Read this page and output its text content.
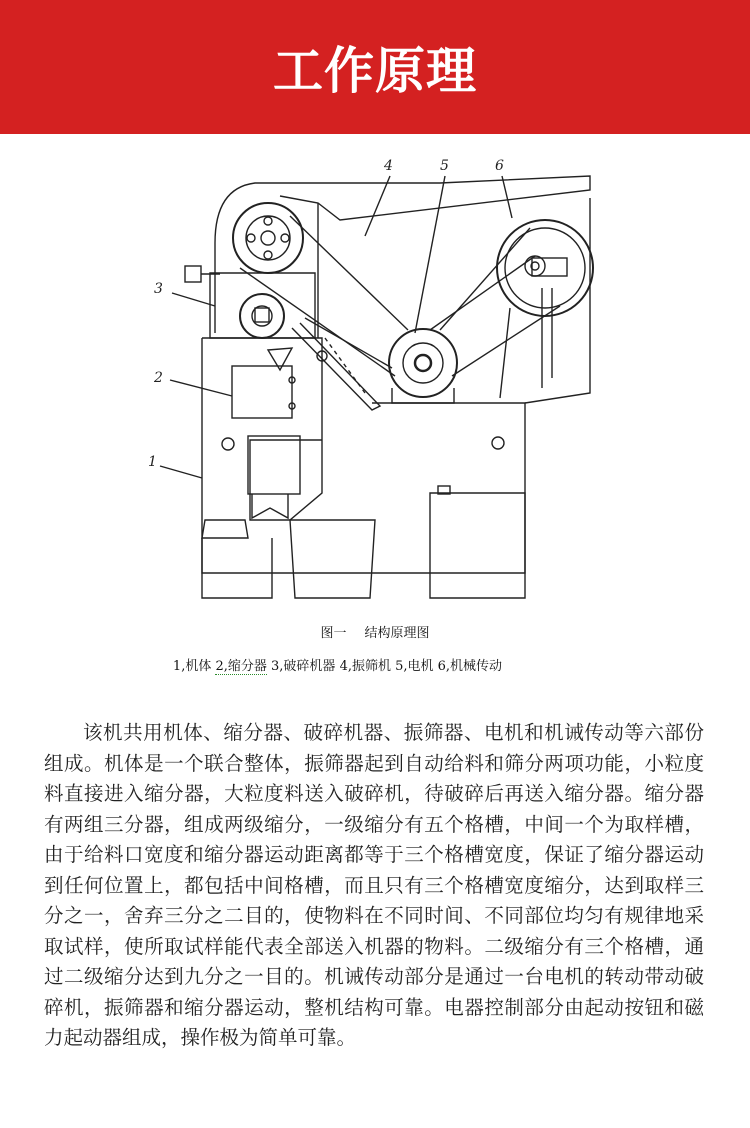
工作原理
4	5	6
3
2
1
图一 结构原理图
1,机体 2,缩分器 3,破碎机器 4,振筛机 5,电机 6,机械传动

该机共用机体、缩分器、破碎机器、振筛器、电机和机诫传动等六部份组成。机体是一个联合整体，振筛器起到自动给料和筛分两项功能，小粒度料直接进入缩分器，大粒度料送入破碎机，待破碎后再送入缩分器。缩分器有两组三分器，组成两级缩分，一级缩分有五个格槽，中间一个为取样槽，由于给料口宽度和缩分器运动距离都等于三个格槽宽度，保证了缩分器运动到任何位置上，都包括中间格槽，而且只有三个格槽宽度缩分，达到取样三分之一，舍弃三分之二目的，使物料在不同时间、不同部位均匀有规律地采取试样，使所取试样能代表全部送入机器的物料。二级缩分有三个格槽，通过二级缩分达到九分之一目的。机诫传动部分是通过一台电机的转动带动破碎机，振筛器和缩分器运动，整机结构可靠。电器控制部分由起动按钮和磁力起动器组成，操作极为简单可靠。
